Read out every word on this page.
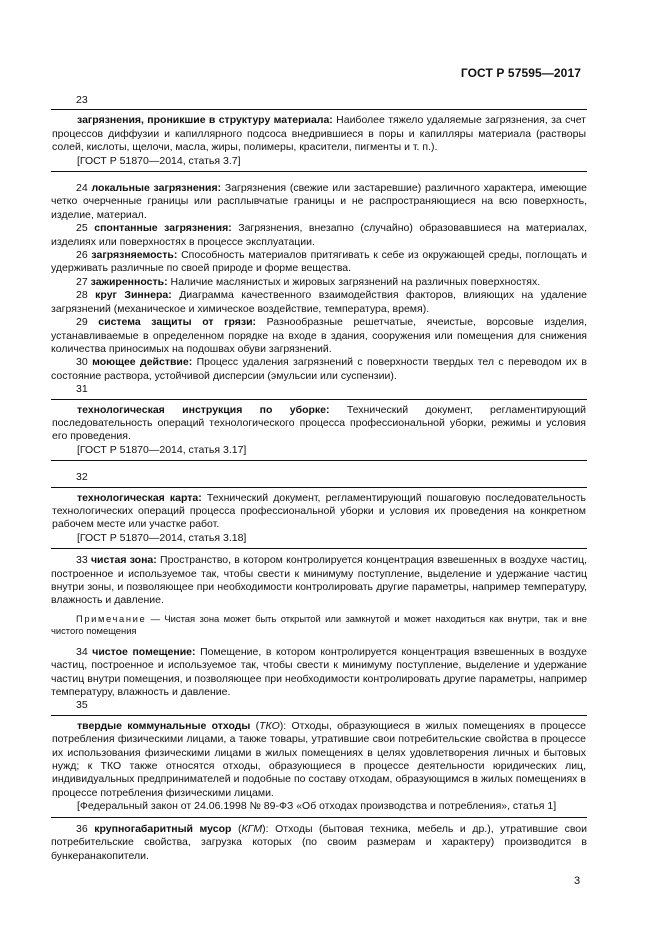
ГОСТ Р 57595—2017
23

загрязнения, проникшие в структуру материала: Наиболее тяжело удаляемые загрязнения, за счет процессов диффузии и капиллярного подсоса внедрившиеся в поры и капилляры материала (растворы солей, кислоты, щелочи, масла, жиры, полимеры, красители, пигменты и т. п.).

[ГОСТ Р 51870—2014, статья 3.7]

24 локальные загрязнения: Загрязнения (свежие или застаревшие) различного характера, имеющие четко очерченные границы или расплывчатые границы и не распространяющиеся на всю поверхность, изделие, материал.

25 спонтанные загрязнения: Загрязнения, внезапно (случайно) образовавшиеся на материалах, изделиях или поверхностях в процессе эксплуатации.

26 загрязняемость: Способность материалов притягивать к себе из окружающей среды, поглощать и удерживать различные по своей природе и форме вещества.

27 зажиренность: Наличие маслянистых и жировых загрязнений на различных поверхностях.

28 круг Зиннера: Диаграмма качественного взаимодействия факторов, влияющих на удаление загрязнений (механическое и химическое воздействие, температура, время).

29 система защиты от грязи: Разнообразные решетчатые, ячеистые, ворсовые изделия, устанавливаемые в определенном порядке на входе в здания, сооружения или помещения для снижения количества приносимых на подошвах обуви загрязнений.

30 моющее действие: Процесс удаления загрязнений с поверхности твердых тел с переводом их в состояние раствора, устойчивой дисперсии (эмульсии или суспензии).

31

технологическая инструкция по уборке: Технический документ, регламентирующий последовательность операций технологического процесса профессиональной уборки, режимы и условия его проведения.

[ГОСТ Р 51870—2014, статья 3.17]
32

технологическая карта: Технический документ, регламентирующий пошаговую последовательность технологических операций процесса профессиональной уборки и условия их проведения на конкретном рабочем месте или участке работ.

[ГОСТ Р 51870—2014, статья 3.18]

33 чистая зона: Пространство, в котором контролируется концентрация взвешенных в воздухе частиц, построенное и используемое так, чтобы свести к минимуму поступление, выделение и удержание частиц внутри зоны, и позволяющее при необходимости контролировать другие параметры, например температуру, влажность и давление.

Примечание — Чистая зона может быть открытой или замкнутой и может находиться как внутри, так и вне чистого помещения

34 чистое помещение: Помещение, в котором контролируется концентрация взвешенных в воздухе частиц, построенное и используемое так, чтобы свести к минимуму поступление, выделение и удержание частиц внутри помещения, и позволяющее при необходимости контролировать другие параметры, например температуру, влажность и давление.

35

твердые коммунальные отходы (ТКО): Отходы, образующиеся в жилых помещениях в процессе потребления физическими лицами, а также товары, утратившие свои потребительские свойства в процессе их использования физическими лицами в жилых помещениях в целях удовлетворения личных и бытовых нужд; к ТКО также относятся отходы, образующиеся в процессе деятельности юридических лиц, индивидуальных предпринимателей и подобные по составу отходам, образующимся в жилых помещениях в процессе потребления физическими лицами.

[Федеральный закон от 24.06.1998 № 89-ФЗ «Об отходах производства и потребления», статья 1]

36 крупногабаритный мусор (КГМ): Отходы (бытовая техника, мебель и др.), утратившие свои потребительские свойства, загрузка которых (по своим размерам и характеру) производится в бункеранакопители.

3
